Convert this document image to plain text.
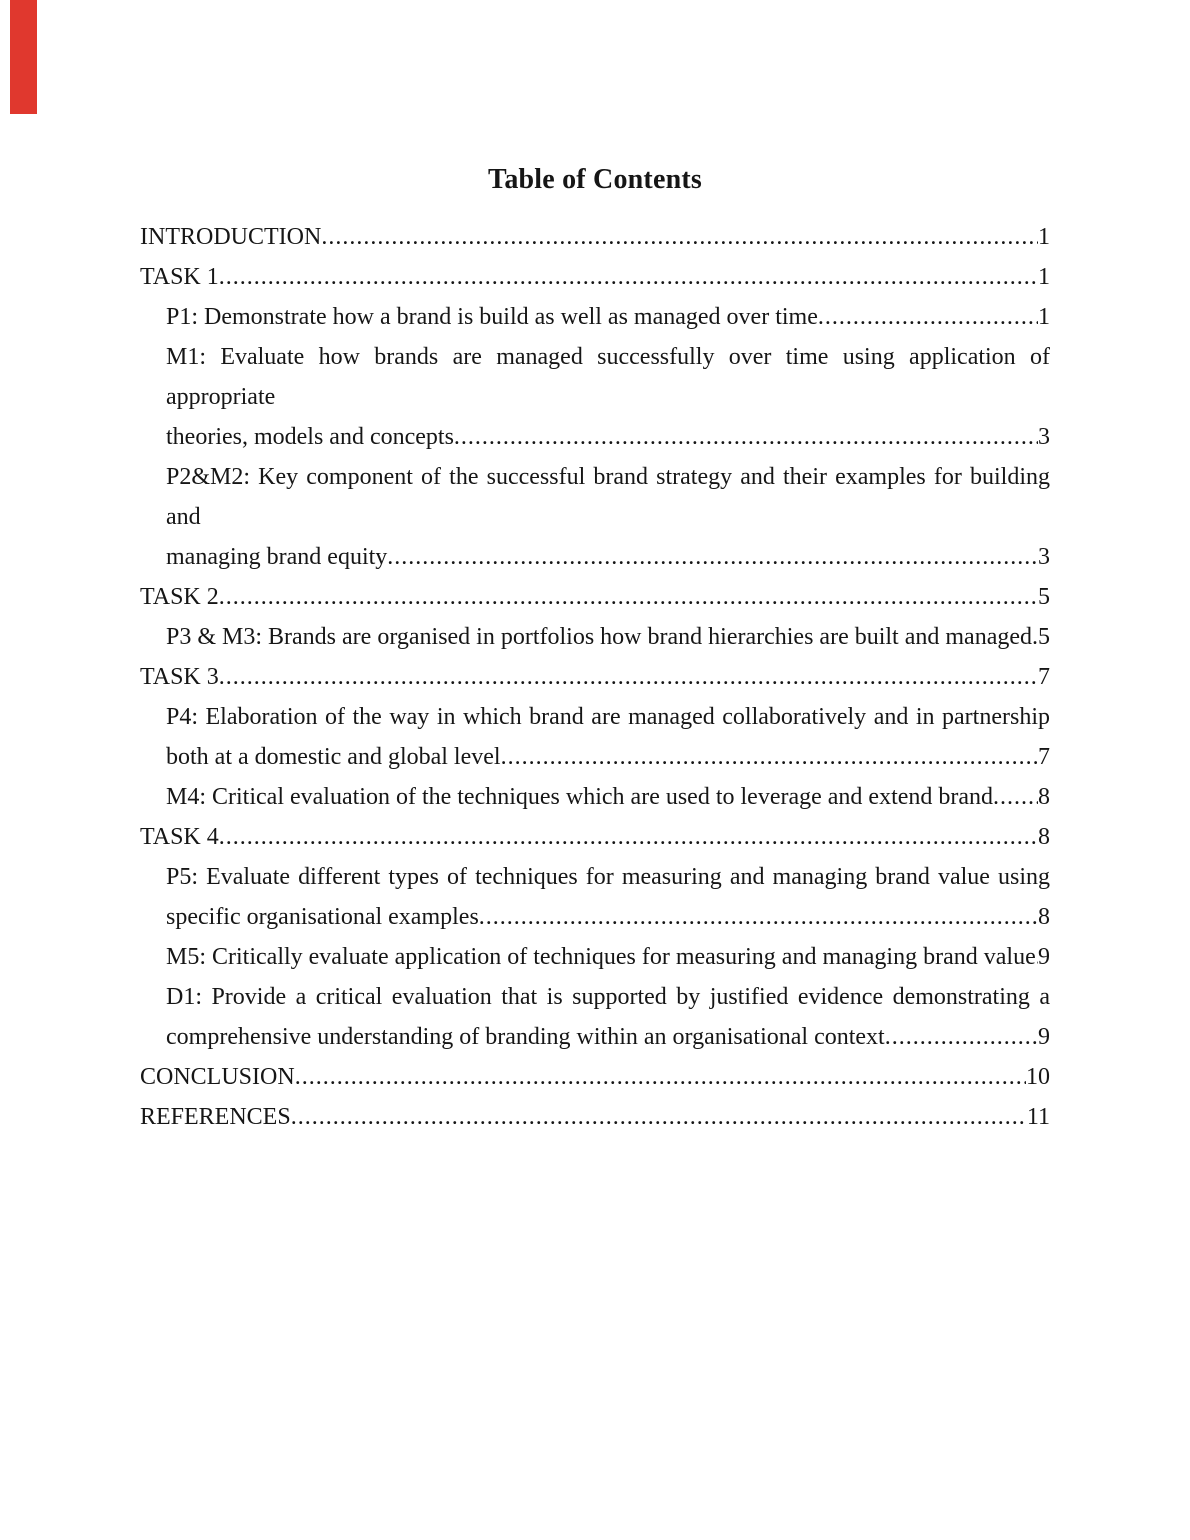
Table of Contents
INTRODUCTION .....	1
TASK 1 .....	1
P1: Demonstrate how a brand is build as well as managed over time .....	1
M1: Evaluate how brands are managed successfully over time using application of appropriate
theories, models and concepts .....	3
P2&M2: Key component of the successful brand strategy and their examples for building and
managing brand equity .....	3
TASK 2 .....	5
P3 & M3: Brands are organised in portfolios how brand hierarchies are built and managed ..... 5
TASK 3 .....	7
P4: Elaboration of the way in which brand are managed collaboratively and in partnership
both at a domestic and global level .....	7
M4: Critical evaluation of the techniques which are used to leverage and extend brand ..... 8
TASK 4 .....	8
P5: Evaluate different types of techniques for measuring and managing brand value using
specific organisational examples .....	8
M5: Critically evaluate application of techniques for measuring and managing brand value ..... 9
D1: Provide a critical evaluation that is supported by justified evidence demonstrating a
comprehensive understanding of branding within an organisational context .....	9
CONCLUSION .....	10
REFERENCES .....	11
